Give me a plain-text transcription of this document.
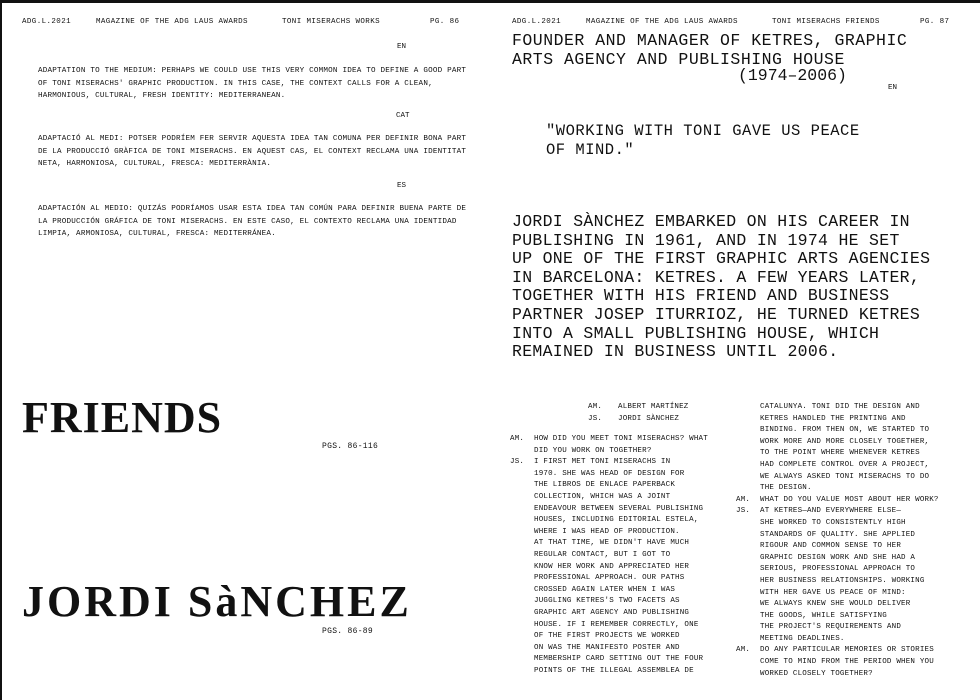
ADG.L.2021	MAGAZINE OF THE ADG LAUS AWARDS	TONI MISERACHS WORKS	PG. 86
EN
ADAPTATION TO THE MEDIUM: PERHAPS WE COULD USE THIS VERY COMMON IDEA TO DEFINE A GOOD PART OF TONI MISERACHS' GRAPHIC PRODUCTION. IN THIS CASE, THE CONTEXT CALLS FOR A CLEAN, HARMONIOUS, CULTURAL, FRESH IDENTITY: MEDITERRANEAN.
CAT
ADAPTACIÓ AL MEDI: POTSER PODRÍEM FER SERVIR AQUESTA IDEA TAN COMUNA PER DEFINIR BONA PART DE LA PRODUCCIÓ GRÀFICA DE TONI MISERACHS. EN AQUEST CAS, EL CONTEXT RECLAMA UNA IDENTITAT NETA, HARMONIOSA, CULTURAL, FRESCA: MEDITERRÀNIA.
ES
ADAPTACIÓN AL MEDIO: QUIZÁS PODRÍAMOS USAR ESTA IDEA TAN COMÚN PARA DEFINIR BUENA PARTE DE LA PRODUCCIÓN GRÁFICA DE TONI MISERACHS. EN ESTE CASO, EL CONTEXTO RECLAMA UNA IDENTIDAD LIMPIA, ARMONIOSA, CULTURAL, FRESCA: MEDITERRÁNEA.
FRIENDS
PGS. 86-116
JORDI SàNCHEZ
PGS. 86-89
ADG.L.2021	MAGAZINE OF THE ADG LAUS AWARDS	TONI MISERACHS FRIENDS	PG. 87
FOUNDER AND MANAGER OF KETRES, GRAPHIC
ARTS AGENCY AND PUBLISHING HOUSE
(1974–2006)
EN
"WORKING WITH TONI GAVE US PEACE
OF MIND."
JORDI SÀNCHEZ EMBARKED ON HIS CAREER IN
PUBLISHING IN 1961, AND IN 1974 HE SET
UP ONE OF THE FIRST GRAPHIC ARTS AGENCIES
IN BARCELONA: KETRES. A FEW YEARS LATER,
TOGETHER WITH HIS FRIEND AND BUSINESS
PARTNER JOSEP ITURRIOZ, HE TURNED KETRES
INTO A SMALL PUBLISHING HOUSE, WHICH
REMAINED IN BUSINESS UNTIL 2006.
AM.	ALBERT MARTÍNEZ
JS.	JORDI SÀNCHEZ
AM.	HOW DID YOU MEET TONI MISERACHS? WHAT
DID YOU WORK ON TOGETHER?
JS.	I FIRST MET TONI MISERACHS IN
1970. SHE WAS HEAD OF DESIGN FOR
THE LIBROS DE ENLACE PAPERBACK
COLLECTION, WHICH WAS A JOINT
ENDEAVOUR BETWEEN SEVERAL PUBLISHING
HOUSES, INCLUDING EDITORIAL ESTELA,
WHERE I WAS HEAD OF PRODUCTION.
AT THAT TIME, WE DIDN'T HAVE MUCH
REGULAR CONTACT, BUT I GOT TO
KNOW HER WORK AND APPRECIATED HER
PROFESSIONAL APPROACH. OUR PATHS
CROSSED AGAIN LATER WHEN I WAS
JUGGLING KETRES'S TWO FACETS AS
GRAPHIC ART AGENCY AND PUBLISHING
HOUSE. IF I REMEMBER CORRECTLY, ONE
OF THE FIRST PROJECTS WE WORKED
ON WAS THE MANIFESTO POSTER AND
MEMBERSHIP CARD SETTING OUT THE FOUR
POINTS OF THE ILLEGAL ASSEMBLEA DE
CATALUNYA. TONI DID THE DESIGN AND
KETRES HANDLED THE PRINTING AND
BINDING. FROM THEN ON, WE STARTED TO
WORK MORE AND MORE CLOSELY TOGETHER,
TO THE POINT WHERE WHENEVER KETRES
HAD COMPLETE CONTROL OVER A PROJECT,
WE ALWAYS ASKED TONI MISERACHS TO DO
THE DESIGN.
AM.	WHAT DO YOU VALUE MOST ABOUT HER WORK?
JS.	AT KETRES—AND EVERYWHERE ELSE—
SHE WORKED TO CONSISTENTLY HIGH
STANDARDS OF QUALITY. SHE APPLIED
RIGOUR AND COMMON SENSE TO HER
GRAPHIC DESIGN WORK AND SHE HAD A
SERIOUS, PROFESSIONAL APPROACH TO
HER BUSINESS RELATIONSHIPS. WORKING
WITH HER GAVE US PEACE OF MIND:
WE ALWAYS KNEW SHE WOULD DELIVER
THE GOODS, WHILE SATISFYING
THE PROJECT'S REQUIREMENTS AND
MEETING DEADLINES.
AM.	DO ANY PARTICULAR MEMORIES OR STORIES
COME TO MIND FROM THE PERIOD WHEN YOU
WORKED CLOSELY TOGETHER?
